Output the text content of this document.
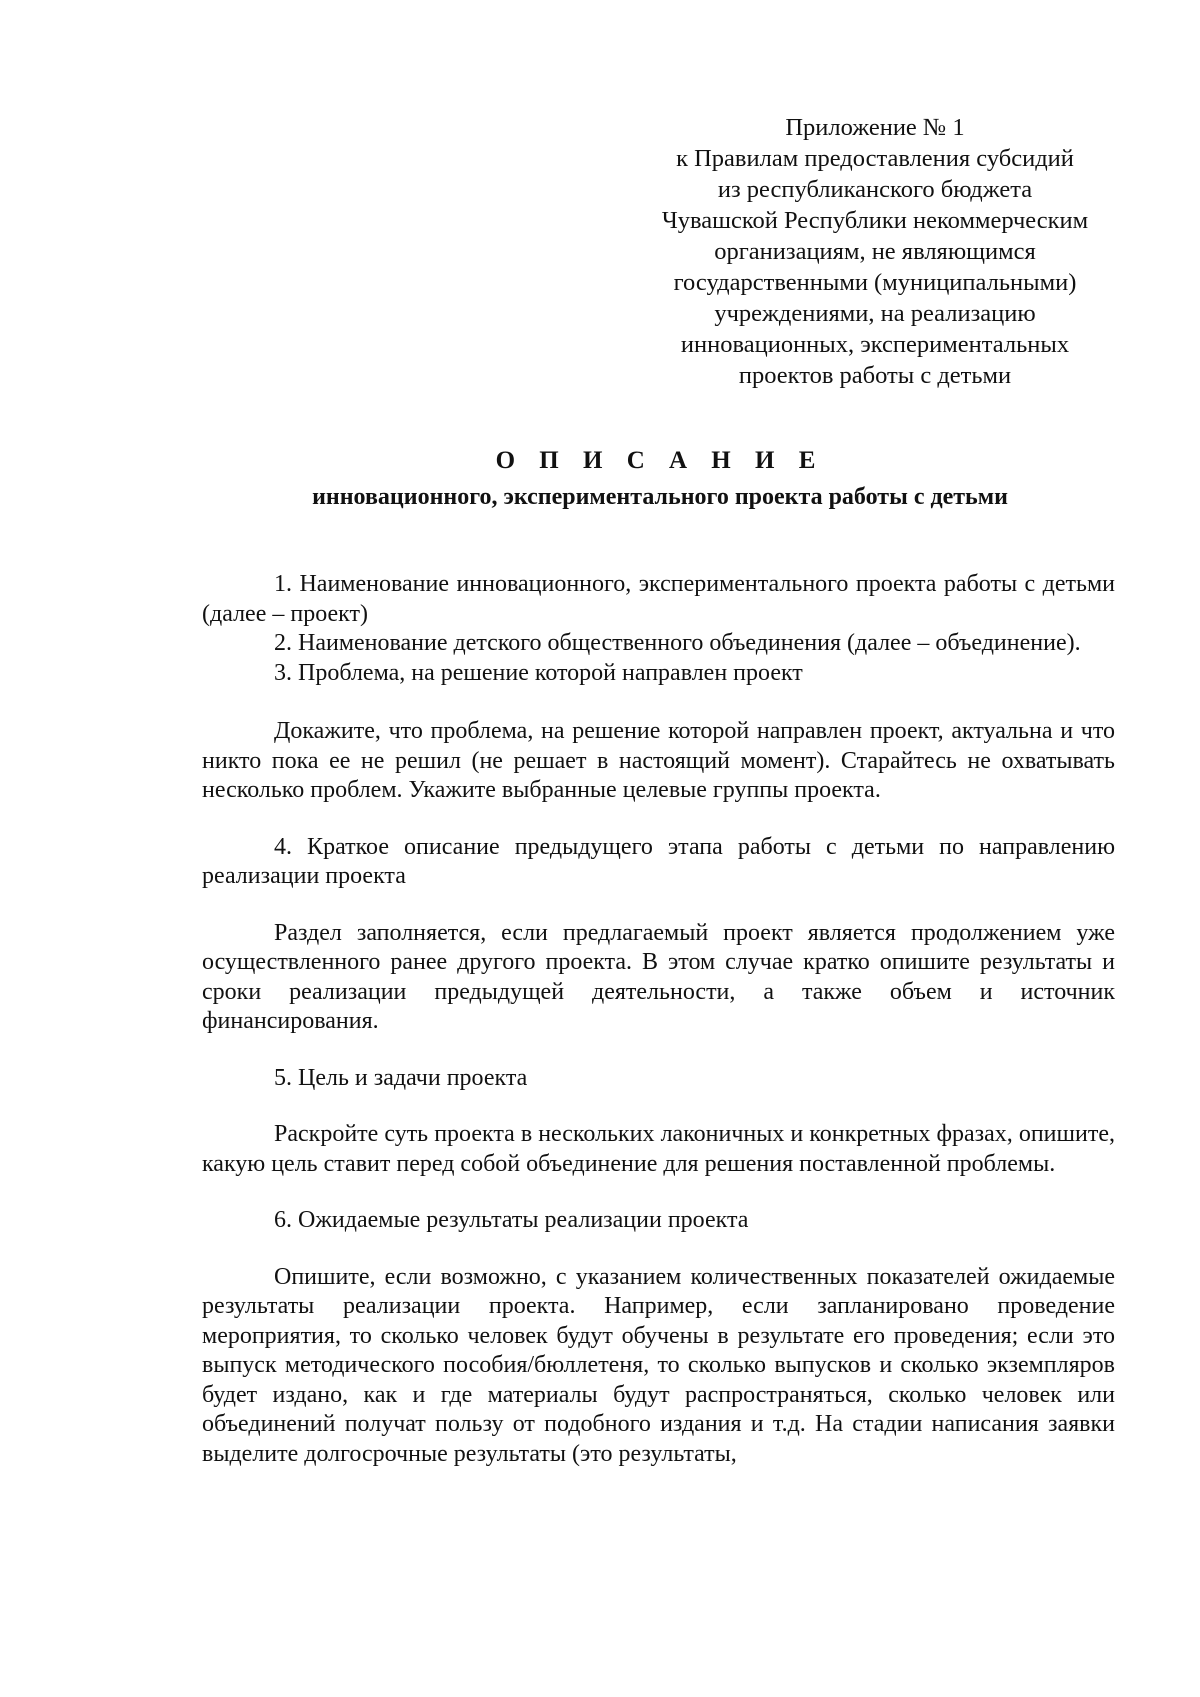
Приложение № 1
к Правилам предоставления субсидий
из республиканского бюджета
Чувашской Республики некоммерческим
организациям, не являющимся
государственными (муниципальными)
учреждениями, на реализацию
инновационных, экспериментальных
проектов работы с детьми
О П И С А Н И Е
инновационного, экспериментального проекта работы с детьми

1. Наименование инновационного, экспериментального проекта работы с детьми (далее – проект)

2. Наименование детского общественного объединения (далее – объединение).

3. Проблема, на решение которой направлен проект

Докажите, что проблема, на решение которой направлен проект, актуальна и что никто пока ее не решил (не решает в настоящий момент). Старайтесь не охватывать несколько проблем. Укажите выбранные целевые группы проекта.

4. Краткое описание предыдущего этапа работы с детьми по направлению реализации проекта

Раздел заполняется, если предлагаемый проект является продолжением уже осуществленного ранее другого проекта. В этом случае кратко опишите результаты и сроки реализации предыдущей деятельности, а также объем и источник финансирования.

5. Цель и задачи проекта

Раскройте суть проекта в нескольких лаконичных и конкретных фразах, опишите, какую цель ставит перед собой объединение для решения поставленной проблемы.

6. Ожидаемые результаты реализации проекта

Опишите, если возможно, с указанием количественных показателей ожидаемые результаты реализации проекта. Например, если запланировано проведение мероприятия, то сколько человек будут обучены в результате его проведения; если это выпуск методического пособия/бюллетеня, то сколько выпусков и сколько экземпляров будет издано, как и где материалы будут распространяться, сколько человек или объединений получат пользу от подобного издания и т.д. На стадии написания заявки выделите долгосрочные результаты (это результаты,
